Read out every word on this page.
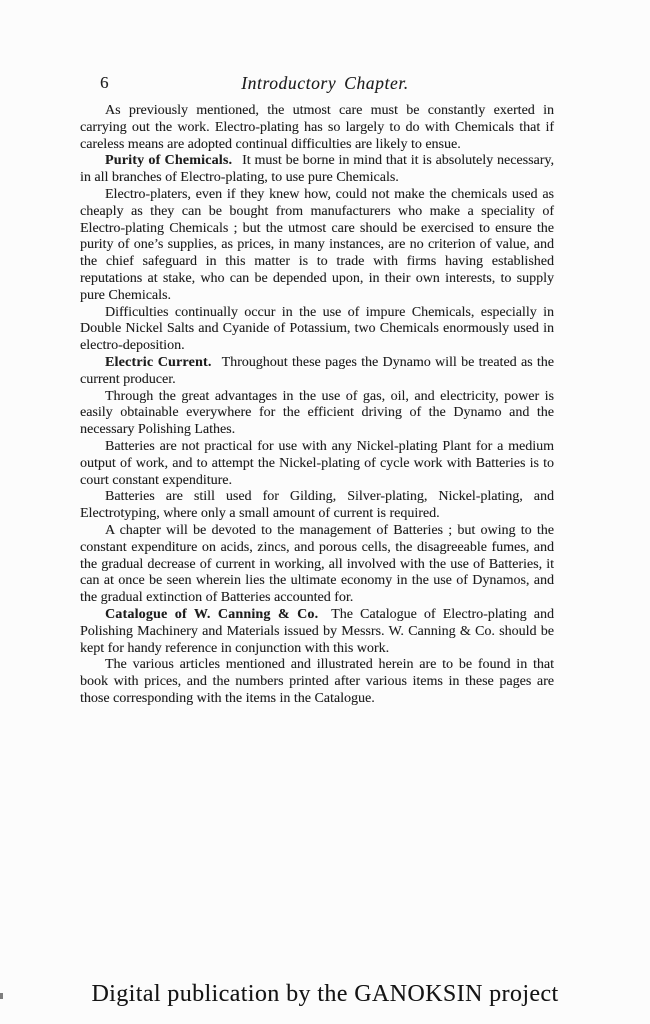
6	Introductory Chapter.

As previously mentioned, the utmost care must be constantly exerted in carrying out the work. Electro-plating has so largely to do with Chemicals that if careless means are adopted continual difficulties are likely to ensue.

Purity of Chemicals. It must be borne in mind that it is absolutely necessary, in all branches of Electro-plating, to use pure Chemicals.

Electro-platers, even if they knew how, could not make the chemicals used as cheaply as they can be bought from manufacturers who make a speciality of Electro-plating Chemicals ; but the utmost care should be exercised to ensure the purity of one’s supplies, as prices, in many instances, are no criterion of value, and the chief safeguard in this matter is to trade with firms having established reputations at stake, who can be depended upon, in their own interests, to supply pure Chemicals.

Difficulties continually occur in the use of impure Chemicals, especially in Double Nickel Salts and Cyanide of Potassium, two Chemicals enormously used in electro-deposition.

Electric Current. Throughout these pages the Dynamo will be treated as the current producer.

Through the great advantages in the use of gas, oil, and electricity, power is easily obtainable everywhere for the efficient driving of the Dynamo and the necessary Polishing Lathes.

Batteries are not practical for use with any Nickel-plating Plant for a medium output of work, and to attempt the Nickel-plating of cycle work with Batteries is to court constant expenditure.

Batteries are still used for Gilding, Silver-plating, Nickel-plating, and Electrotyping, where only a small amount of current is required.

A chapter will be devoted to the management of Batteries ; but owing to the constant expenditure on acids, zincs, and porous cells, the disagreeable fumes, and the gradual decrease of current in working, all involved with the use of Batteries, it can at once be seen wherein lies the ultimate economy in the use of Dynamos, and the gradual extinction of Batteries accounted for.

Catalogue of W. Canning & Co. The Catalogue of Electro-plating and Polishing Machinery and Materials issued by Messrs. W. Canning & Co. should be kept for handy reference in conjunction with this work.

The various articles mentioned and illustrated herein are to be found in that book with prices, and the numbers printed after various items in these pages are those corresponding with the items in the Catalogue.

Digital publication by the GANOKSIN project
